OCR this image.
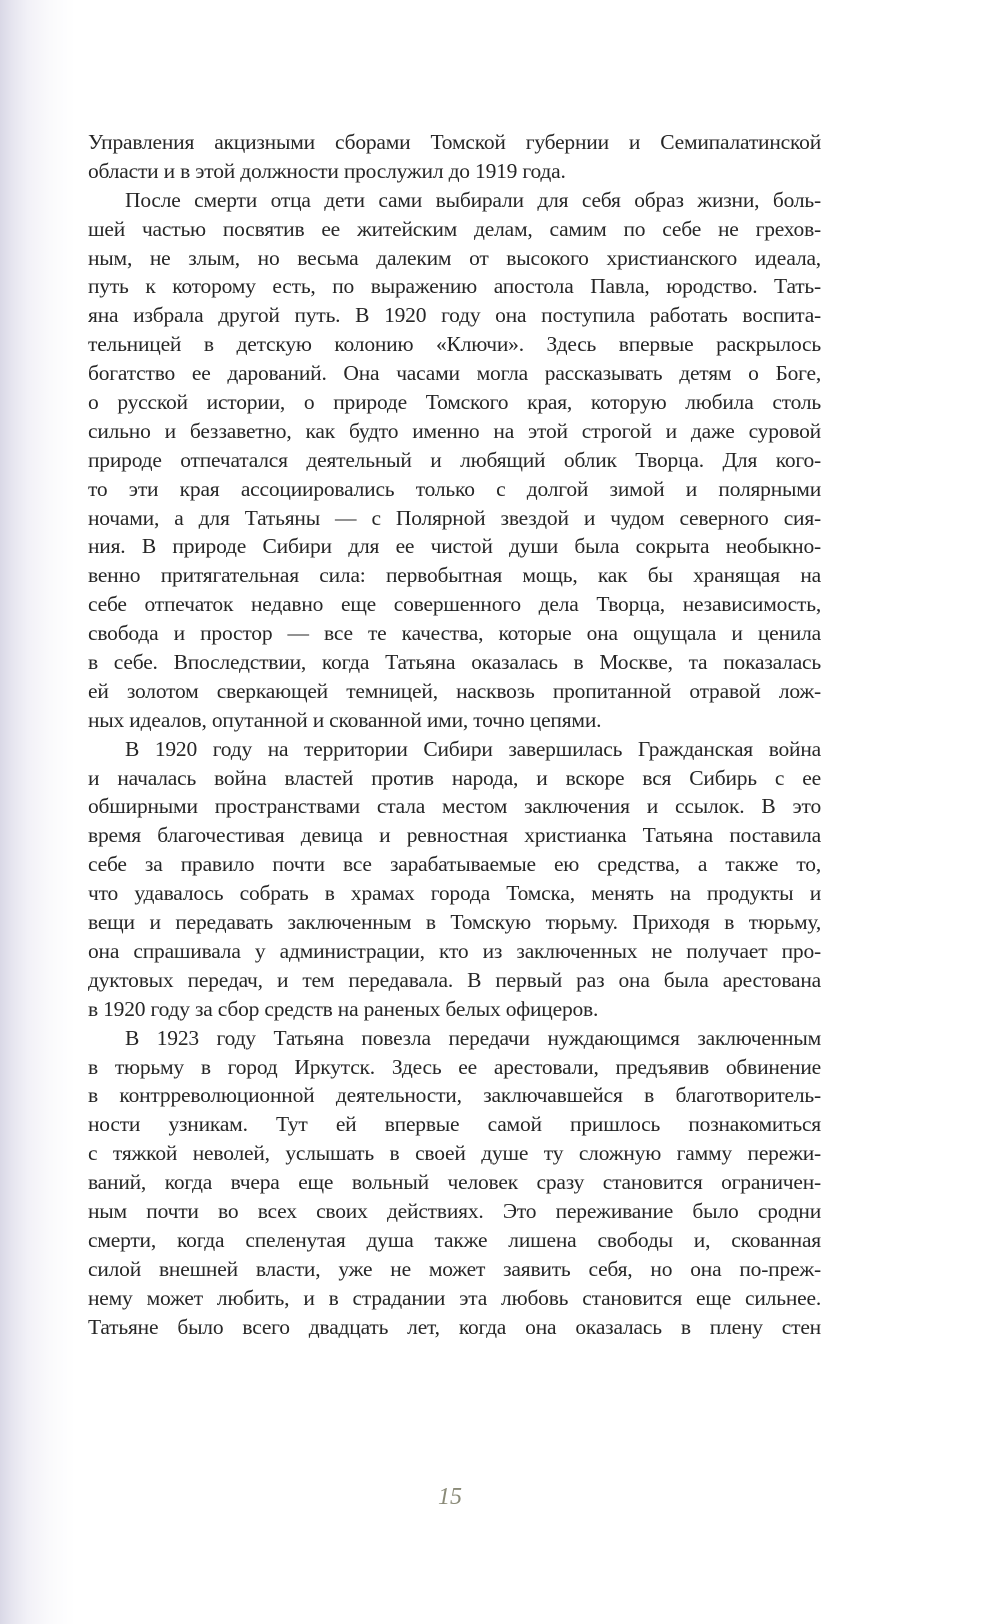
Управления акцизными сборами Томской губернии и Семипалатинской
области и в этой должности прослужил до 1919 года.
После смерти отца дети сами выбирали для себя образ жизни, боль-
шей частью посвятив ее житейским делам, самим по себе не грехов-
ным, не злым, но весьма далеким от высокого христианского идеала,
путь к которому есть, по выражению апостола Павла, юродство. Тать-
яна избрала другой путь. В 1920 году она поступила работать воспита-
тельницей в детскую колонию «Ключи». Здесь впервые раскрылось
богатство ее дарований. Она часами могла рассказывать детям о Боге,
о русской истории, о природе Томского края, которую любила столь
сильно и беззаветно, как будто именно на этой строгой и даже суровой
природе отпечатался деятельный и любящий облик Творца. Для кого-
то эти края ассоциировались только с долгой зимой и полярными
ночами, а для Татьяны — с Полярной звездой и чудом северного сия-
ния. В природе Сибири для ее чистой души была сокрыта необыкно-
венно притягательная сила: первобытная мощь, как бы хранящая на
себе отпечаток недавно еще совершенного дела Творца, независимость,
свобода и простор — все те качества, которые она ощущала и ценила
в себе. Впоследствии, когда Татьяна оказалась в Москве, та показалась
ей золотом сверкающей темницей, насквозь пропитанной отравой лож-
ных идеалов, опутанной и скованной ими, точно цепями.
В 1920 году на территории Сибири завершилась Гражданская война
и началась война властей против народа, и вскоре вся Сибирь с ее
обширными пространствами стала местом заключения и ссылок. В это
время благочестивая девица и ревностная христианка Татьяна поставила
себе за правило почти все зарабатываемые ею средства, а также то,
что удавалось собрать в храмах города Томска, менять на продукты и
вещи и передавать заключенным в Томскую тюрьму. Приходя в тюрьму,
она спрашивала у администрации, кто из заключенных не получает про-
дуктовых передач, и тем передавала. В первый раз она была арестована
в 1920 году за сбор средств на раненых белых офицеров.
В 1923 году Татьяна повезла передачи нуждающимся заключенным
в тюрьму в город Иркутск. Здесь ее арестовали, предъявив обвинение
в контрреволюционной деятельности, заключавшейся в благотворитель-
ности узникам. Тут ей впервые самой пришлось познакомиться
с тяжкой неволей, услышать в своей душе ту сложную гамму пережи-
ваний, когда вчера еще вольный человек сразу становится ограничен-
ным почти во всех своих действиях. Это переживание было сродни
смерти, когда спеленутая душа также лишена свободы и, скованная
силой внешней власти, уже не может заявить себя, но она по-преж-
нему может любить, и в страдании эта любовь становится еще сильнее.
Татьяне было всего двадцать лет, когда она оказалась в плену стен
15
